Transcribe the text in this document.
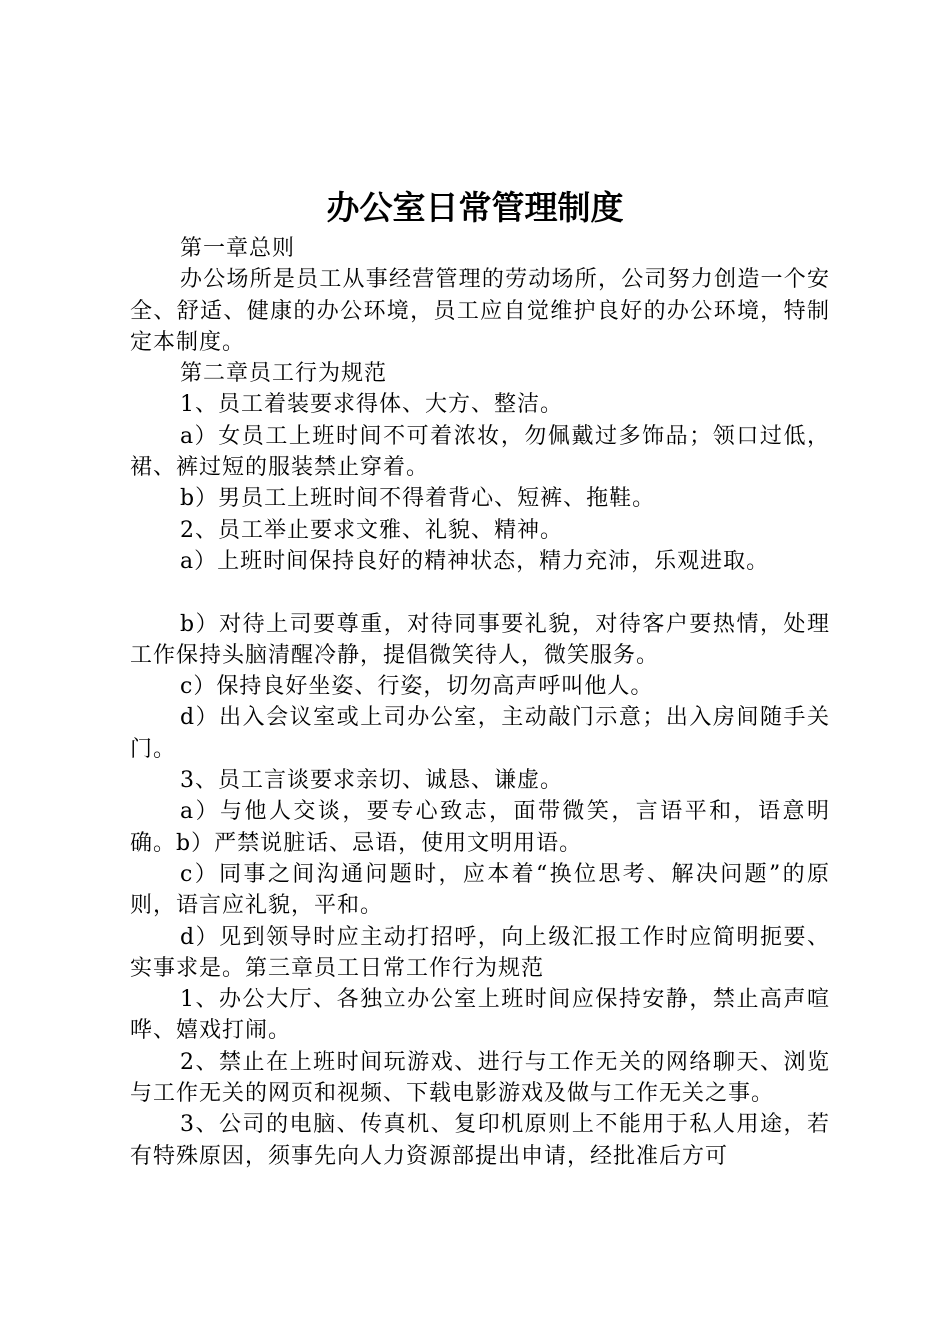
办公室日常管理制度

第一章总则

办公场所是员工从事经营管理的劳动场所，公司努力创造一个安全、舒适、健康的办公环境，员工应自觉维护良好的办公环境，特制定本制度。

第二章员工行为规范

1、员工着装要求得体、大方、整洁。

a）女员工上班时间不可着浓妆，勿佩戴过多饰品；领口过低，裙、裤过短的服装禁止穿着。

b）男员工上班时间不得着背心、短裤、拖鞋。

2、员工举止要求文雅、礼貌、精神。

a）上班时间保持良好的精神状态，精力充沛，乐观进取。

b）对待上司要尊重，对待同事要礼貌，对待客户要热情，处理工作保持头脑清醒冷静，提倡微笑待人，微笑服务。

c）保持良好坐姿、行姿，切勿高声呼叫他人。

d）出入会议室或上司办公室，主动敲门示意；出入房间随手关门。

3、员工言谈要求亲切、诚恳、谦虚。

a）与他人交谈，要专心致志，面带微笑，言语平和，语意明确。b）严禁说脏话、忌语，使用文明用语。

c）同事之间沟通问题时，应本着“换位思考、解决问题”的原则，语言应礼貌，平和。

d）见到领导时应主动打招呼，向上级汇报工作时应简明扼要、实事求是。第三章员工日常工作行为规范

1、办公大厅、各独立办公室上班时间应保持安静，禁止高声喧哗、嬉戏打闹。

2、禁止在上班时间玩游戏、进行与工作无关的网络聊天、浏览与工作无关的网页和视频、下载电影游戏及做与工作无关之事。

3、公司的电脑、传真机、复印机原则上不能用于私人用途，若有特殊原因，须事先向人力资源部提出申请，经批准后方可
